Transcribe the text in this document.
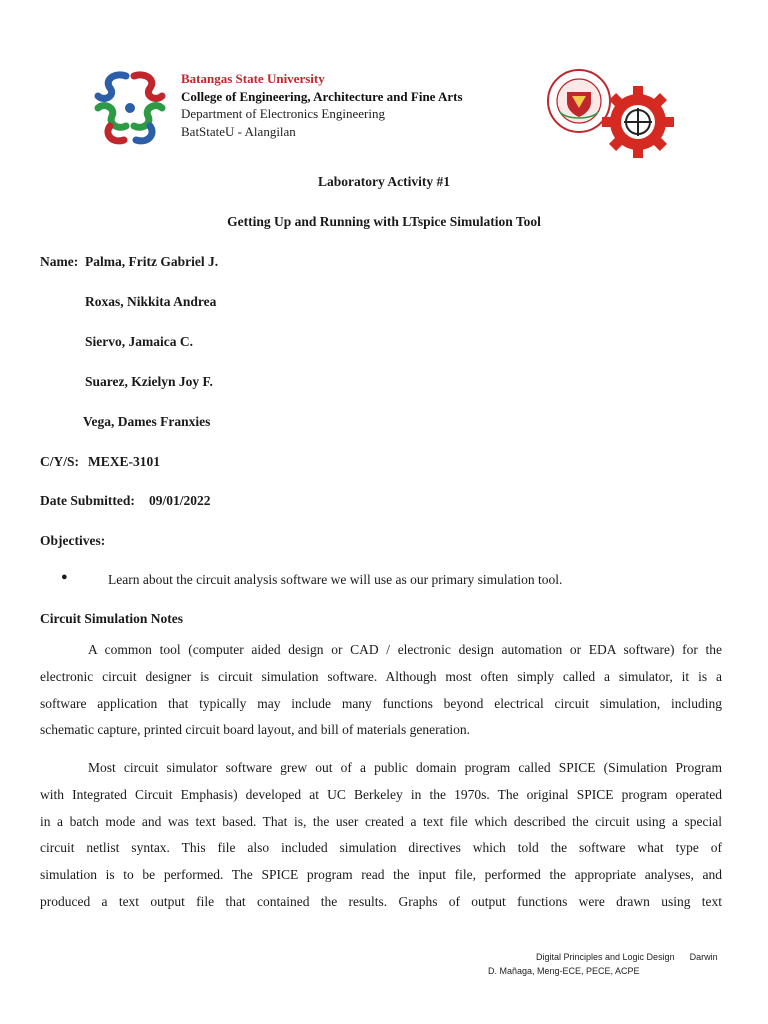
Batangas State University
College of Engineering, Architecture and Fine Arts
Department of Electronics Engineering
BatStateU - Alangilan
Laboratory Activity #1
Getting Up and Running with LTspice Simulation Tool
Name: Palma, Fritz Gabriel J.
Roxas, Nikkita Andrea
Siervo, Jamaica C.
Suarez, Kzielyn Joy F.
Vega, Dames Franxies
C/Y/S: MEXE-3101
Date Submitted: 09/01/2022
Objectives:
●	Learn about the circuit analysis software we will use as our primary simulation tool.
Circuit Simulation Notes
A common tool (computer aided design or CAD / electronic design automation or EDA software) for the
electronic circuit designer is circuit simulation software. Although most often simply called a simulator, it is a
software application that typically may include many functions beyond electrical circuit simulation, including
schematic capture, printed circuit board layout, and bill of materials generation.
Most circuit simulator software grew out of a public domain program called SPICE (Simulation Program
with Integrated Circuit Emphasis) developed at UC Berkeley in the 1970s. The original SPICE program operated
in a batch mode and was text based. That is, the user created a text file which described the circuit using a special
circuit netlist syntax. This file also included simulation directives which told the software what type of
simulation is to be performed. The SPICE program read the input file, performed the appropriate analyses, and
produced a text output file that contained the results. Graphs of output functions were drawn using text
Digital Principles and Logic Design      Darwin
D. Mañaga, Meng-ECE, PECE, ACPE
